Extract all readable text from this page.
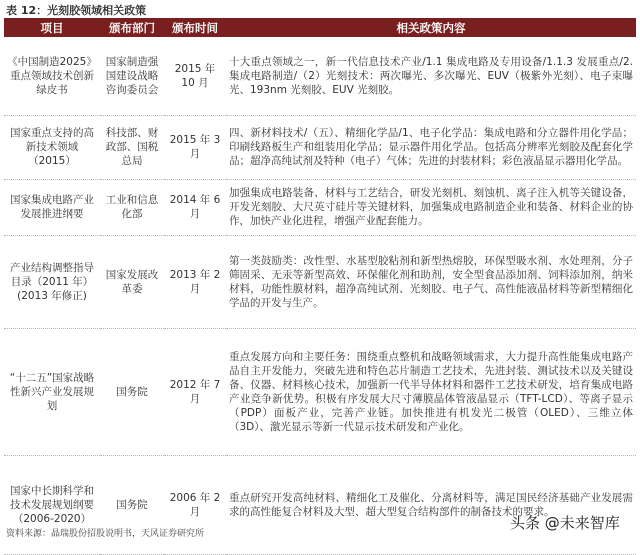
表 12：光刻胶领域相关政策
项目	颁布部门	颁布时间	相关政策内容
《中国制造2025》重点领域技术创新绿皮书	国家制造强国建设战略咨询委员会	2015 年 10 月	十大重点领域之一，新一代信息技术产业/1.1 集成电路及专用设备/1.1.3 发展重点/2.集成电路制造/（2）光刻技术：两次曝光、多次曝光、EUV（极紫外光刻）、电子束曝光、193nm 光刻胶、EUV 光刻胶。
国家重点支持的高新技术领域（2015）	科技部、财政部、国税总局	2015 年 3 月	四、新材料技术/（五）、精细化学品/1、电子化学品：集成电路和分立器件用化学品；印刷线路板生产和组装用化学品；显示器件用化学品。包括高分辨率光刻胶及配套化学品；超净高纯试剂及特种（电子）气体；先进的封装材料；彩色液晶显示器用化学品。
国家集成电路产业发展推进纲要	工业和信息化部	2014 年 6 月	加强集成电路装备、材料与工艺结合，研发光刻机、刻蚀机、离子注入机等关键设备，开发光刻胶、大尺英寸硅片等关键材料，加强集成电路制造企业和装备、材料企业的协作，加快产业化进程，增强产业配套能力。
产业结构调整指导目录（2011 年）(2013 年修正)	国家发展改革委	2013 年 2 月	第一类鼓励类：改性型、水基型胶粘剂和新型热熔胶，环保型吸水剂、水处理剂，分子筛固采、无汞等新型高效、环保催化剂和助剂，安全型食品添加剂、饲料添加剂，纳米材料，功能性膜材料，超净高纯试剂、光刻胶、电子气、高性能液晶材料等新型精细化学品的开发与生产。
“十二五”国家战略性新兴产业发展规划	国务院	2012 年 7 月	重点发展方向和主要任务：围绕重点整机和战略领域需求，大力提升高性能集成电路产品自主开发能力，突破先进和特色芯片制造工艺技术，先进封装、测试技术以及关键设备、仪器、材料核心技术，加强新一代半导体材料和器件工艺技术研发，培育集成电路产业竞争新优势。积极有序发展大尺寸薄膜晶体管液晶显示（TFT-LCD）、等离子显示（PDP）面板产业，完善产业链。加快推进有机发光二极管（OLED）、三维立体（3D）、激光显示等新一代显示技术研发和产业化。
国家中长期科学和技术发展规划纲要（2006-2020）	国务院	2006 年 2 月	重点研究开发高纯材料、精细化工及催化、分离材料等，满足国民经济基础产业发展需求的高性能复合材料及大型、超大型复合结构部件的制备技术的要求。
资料来源：晶瑞股份招股说明书，天风证券研究所
头条 @未来智库
